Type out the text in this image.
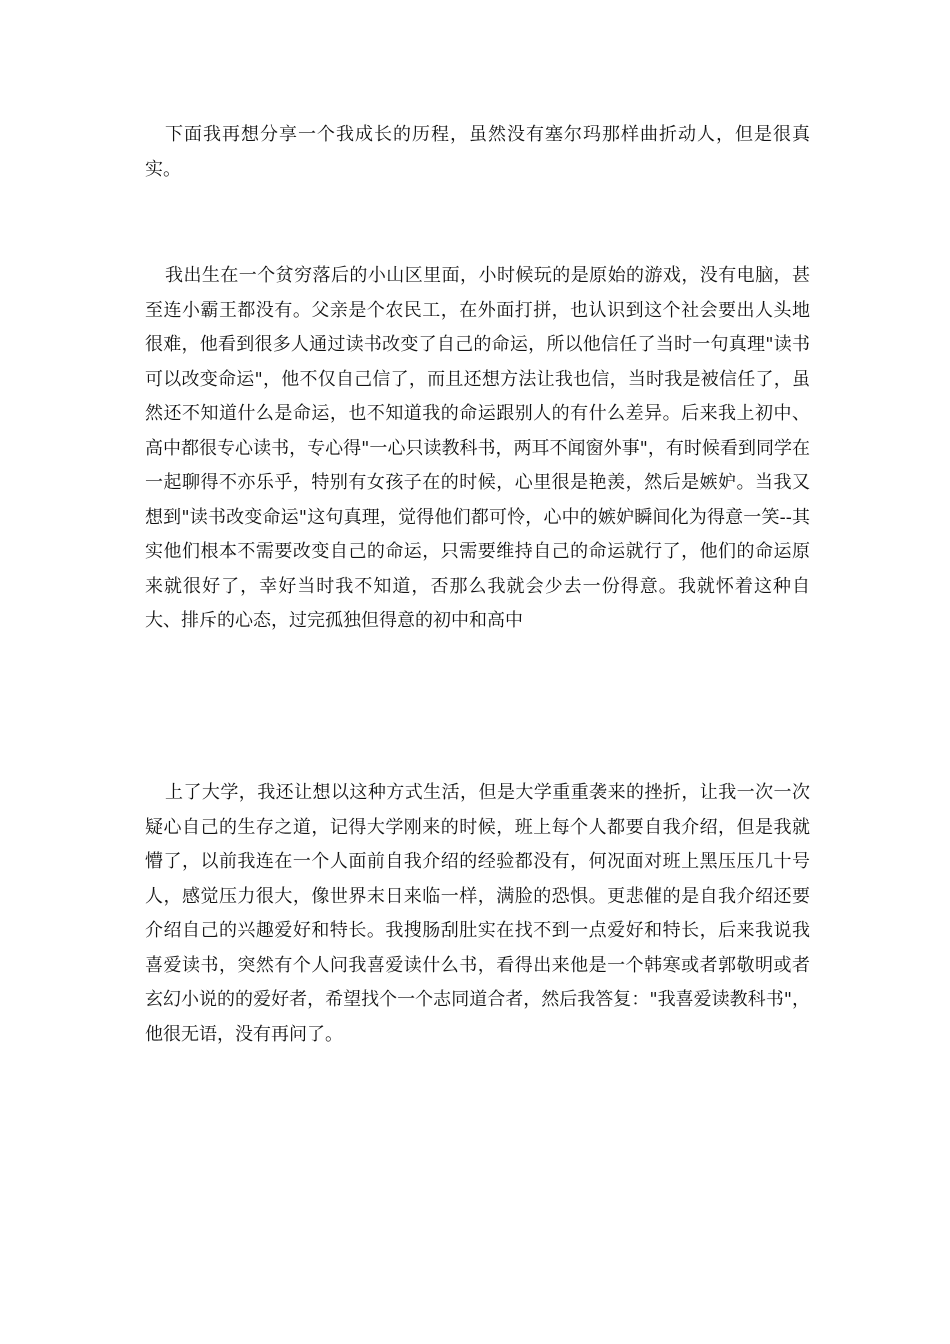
下面我再想分享一个我成长的历程，虽然没有塞尔玛那样曲折动人，但是很真实。

我出生在一个贫穷落后的小山区里面，小时候玩的是原始的游戏，没有电脑，甚至连小霸王都没有。父亲是个农民工，在外面打拼，也认识到这个社会要出人头地很难，他看到很多人通过读书改变了自己的命运，所以他信任了当时一句真理"读书可以改变命运"，他不仅自己信了，而且还想方法让我也信，当时我是被信任了，虽然还不知道什么是命运，也不知道我的命运跟别人的有什么差异。后来我上初中、高中都很专心读书，专心得"一心只读教科书，两耳不闻窗外事"，有时候看到同学在一起聊得不亦乐乎，特别有女孩子在的时候，心里很是艳羡，然后是嫉妒。当我又想到"读书改变命运"这句真理，觉得他们都可怜，心中的嫉妒瞬间化为得意一笑--其实他们根本不需要改变自己的命运，只需要维持自己的命运就行了，他们的命运原来就很好了，幸好当时我不知道，否那么我就会少去一份得意。我就怀着这种自大、排斥的心态，过完孤独但得意的初中和高中

上了大学，我还让想以这种方式生活，但是大学重重袭来的挫折，让我一次一次疑心自己的生存之道，记得大学刚来的时候，班上每个人都要自我介绍，但是我就懵了，以前我连在一个人面前自我介绍的经验都没有，何况面对班上黑压压几十号人，感觉压力很大，像世界末日来临一样，满脸的恐惧。更悲催的是自我介绍还要介绍自己的兴趣爱好和特长。我搜肠刮肚实在找不到一点爱好和特长，后来我说我喜爱读书，突然有个人问我喜爱读什么书，看得出来他是一个韩寒或者郭敬明或者玄幻小说的的爱好者，希望找个一个志同道合者，然后我答复："我喜爱读教科书"，他很无语，没有再问了。
